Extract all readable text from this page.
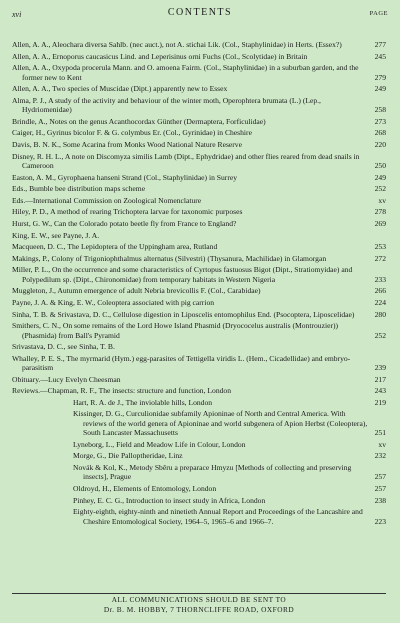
xvi	CONTENTS	PAGE
Allen, A. A., Aleochara diversa Sahlb. (nec auct.), not A. stichai Lik. (Col., Staphylinidae) in Herts. (Essex?)	277
Allen, A. A., Ernoporus caucasicus Lind. and Leperisinus orni Fuchs (Col., Scolytidae) in Britain	245
Allen, A. A., Oxypoda procerula Mann. and O. amoena Fairm. (Col., Staphylinidae) in a suburban garden, and the former new to Kent	279
Allen, A. A., Two species of Muscidae (Dipt.) apparently new to Essex	249
Alma, P. J., A study of the activity and behaviour of the winter moth, Operophtera brumata (L.) (Lep., Hydriomenidae)	258
Brindle, A., Notes on the genus Acanthocordax Günther (Dermaptera, Forficulidae)	273
Caiger, H., Gyrinus bicolor F. & G. colymbus Er. (Col., Gyrinidae) in Cheshire	268
Davis, B. N. K., Some Acarina from Monks Wood National Nature Reserve	220
Disney, R. H. L., A note on Discomyza similis Lamb (Dipt., Ephydridae) and other flies reared from dead snails in Cameroon	250
Easton, A. M., Gyrophaena hanseni Strand (Col., Staphylinidae) in Surrey	249
Eds., Bumble bee distribution maps scheme	252
Eds.—International Commission on Zoological Nomenclature	xv
Hiley, P. D., A method of rearing Trichoptera larvae for taxonomic purposes	278
Hurst, G. W., Can the Colorado potato beetle fly from France to England?	269
King, E. W., see Payne, J. A.
Macqueen, D. C., The Lepidoptera of the Uppingham area, Rutland	253
Makings, P., Colony of Trigoniophthalmus alternatus (Silvestri) (Thysanura, Machilidae) in Glamorgan	272
Miller, P. L., On the occurrence and some characteristics of Cyrtopus fastuosus Bigot (Dipt., Stratiomyidae) and Polypedilum sp. (Dipt., Chironomidae) from temporary habitats in Western Nigeria	233
Muggleton, J., Autumn emergence of adult Nebria brevicollis F. (Col., Carabidae)	266
Payne, J. A. & King, E. W., Coleoptera associated with pig carrion	224
Sinha, T. B. & Srivastava, D. C., Cellulose digestion in Liposcelis entomophilus End. (Psocoptera, Liposcelidae)	280
Smithers, C. N., On some remains of the Lord Howe Island Phasmid (Dryococelus australis (Montrouzier)) (Phasmida) from Ball's Pyramid	252
Srivastava, D. C., see Sinha, T. B.
Whalley, P. E. S., The myrmarid (Hym.) egg-parasites of Tettigella viridis L. (Hem., Cicadellidae) and embryo-parasitism	239
Obituary.—Lucy Evelyn Cheesman	217
Reviews.—Chapman, R. F., The insects: structure and function, London	243
Hart, R. A. de J., The inviolable hills, London	219
Kissinger, D. G., Curculionidae subfamily Apioninae of North and Central America. With reviews of the world genera of Apioninae and world subgenera of Apion Herbst (Coleoptera), South Lancaster Massachusetts	251
Lyneborg, L., Field and Meadow Life in Colour, London	xv
Morge, G., Die Palloptheridae, Linz	232
Novák & Kol, K., Metody Sběru a preparace Hmyzu [Methods of collecting and preserving insects], Prague	257
Oldroyd, H., Elements of Entomology, London	257
Pinhey, E. C. G., Introduction to insect study in Africa, London	238
Eighty-eighth, eighty-ninth and ninetieth Annual Report and Proceedings of the Lancashire and Cheshire Entomological Society, 1964–5, 1965–6 and 1966–7.	223
ALL COMMUNICATIONS SHOULD BE SENT TO
Dr. B. M. HOBBY, 7 THORNCLIFFE ROAD, OXFORD
